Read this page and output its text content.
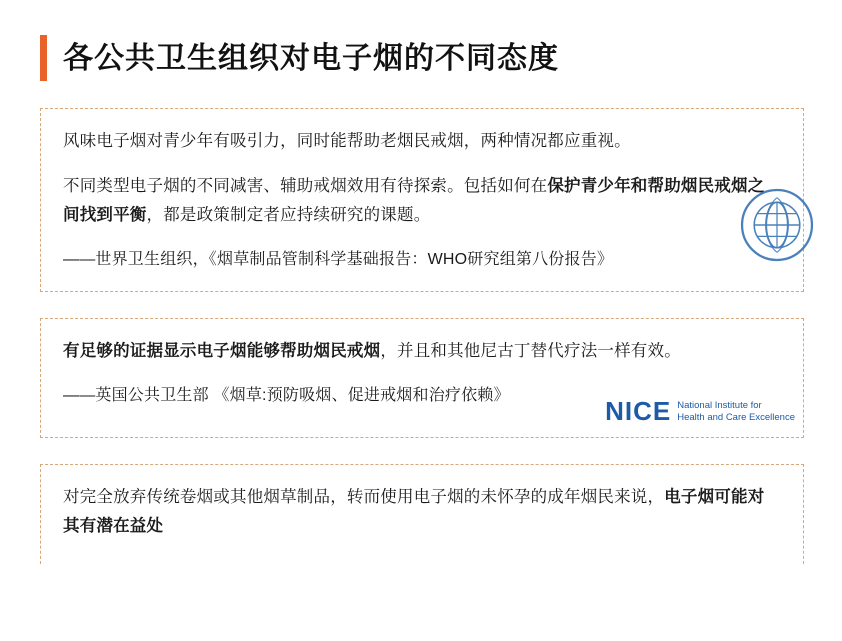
各公共卫生组织对电子烟的不同态度

风味电子烟对青少年有吸引力，同时能帮助老烟民戒烟，两种情况都应重视。

不同类型电子烟的不同减害、辅助戒烟效用有待探索。包括如何在保护青少年和帮助烟民戒烟之间找到平衡，都是政策制定者应持续研究的课题。

——世界卫生组织，《烟草制品管制科学基础报告：WHO研究组第八份报告》

有足够的证据显示电子烟能够帮助烟民戒烟，并且和其他尼古丁替代疗法一样有效。

——英国公共卫生部 《烟草:预防吸烟、促进戒烟和治疗依赖》

NICE National Institute for
Health and Care Excellence

对完全放弃传统卷烟或其他烟草制品，转而使用电子烟的未怀孕的成年烟民来说，电子烟可能对其有潜在益处
